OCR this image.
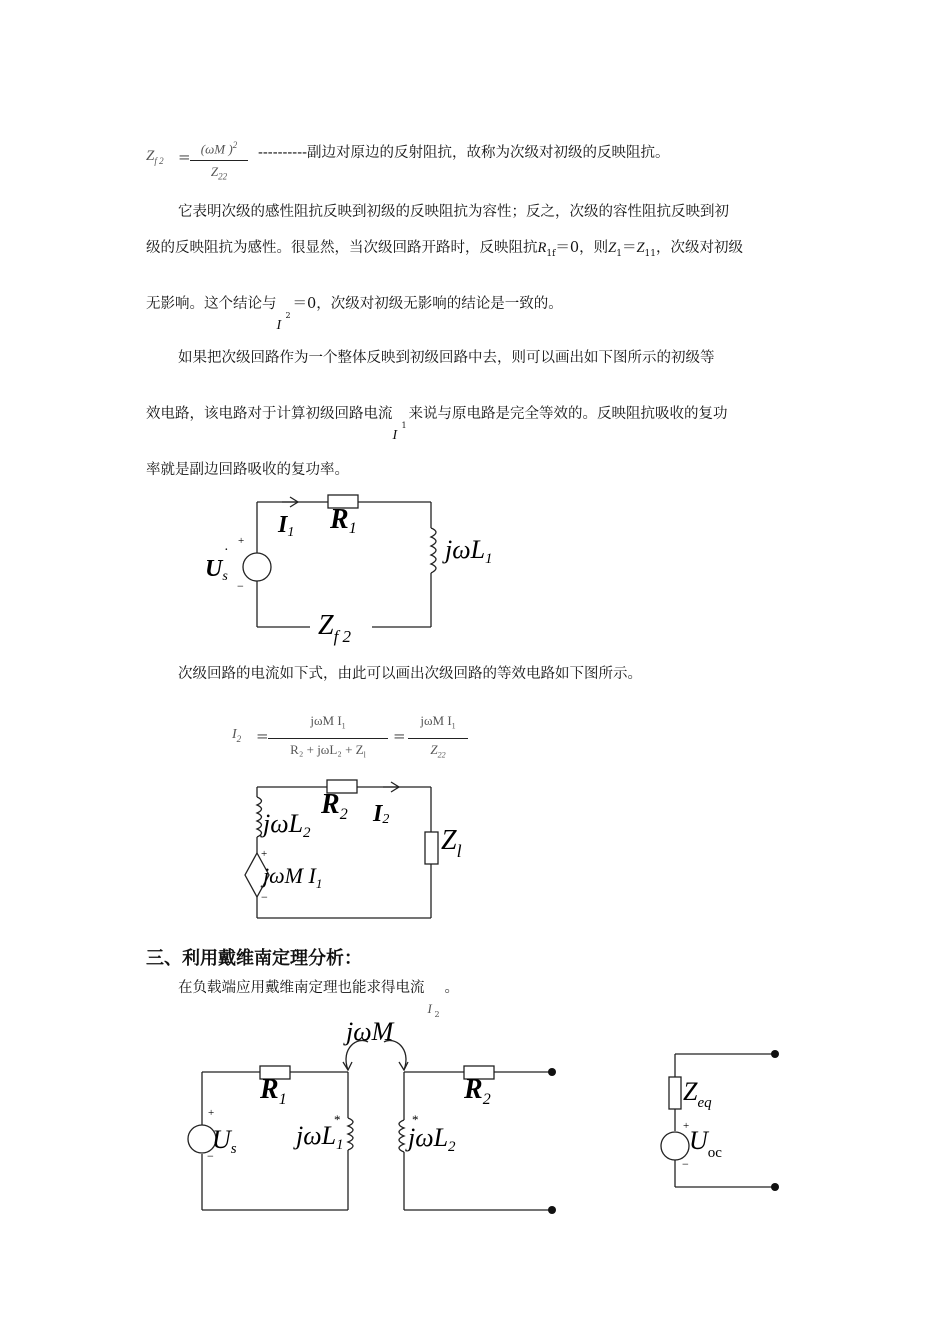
$Z_{f 2} = (\omega M$ )$^2$
$Z_{22}$
----------副边对原边的反射阻抗，故称为次级对初级的反映阻抗。
它表明次级的感性阻抗反映到初级的反映阻抗为容性；反之，次级的容性阻抗反映到初
级的反映阻抗为感性。很显然，当次级回路开路时，反映阻抗$R_{1f}=0$，则$Z_1=Z_{11}$，次级对初级
无影响。这个结论与
I
2
＝0，次级对初级无影响的结论是一致的。
如果把次级回路作为一个整体反映到初级回路中去，则可以画出如下图所示的初级等
效电路，该电路对于计算初级回路电流
I
1
来说与原电路是完全等效的。反映阻抗吸收的复功
率就是副边回路吸收的复功率。
I1 R1
jωL1
+
−
Us
·
$Z_{f 2}$
次级回路的电流如下式，由此可以画出次级回路的等效电路如下图所示。
$I_2$ =
jωM $I_1$
$R_2 + j\omega L_2 + Z_l$
=
jωM $I_1$
$Z_{22}$
jωL2
$R_2$ I2
$Z_l$
+
−
jωM $I_1$
三、利用戴维南定理分析：
在负载端应用戴维南定理也能求得电流
I 2
。
jωM
$R_1$	$R_2$
jωL1 jωL2
*	*
+
−
Us
$Z_{eq}$
+
−
$U_{oc}$
